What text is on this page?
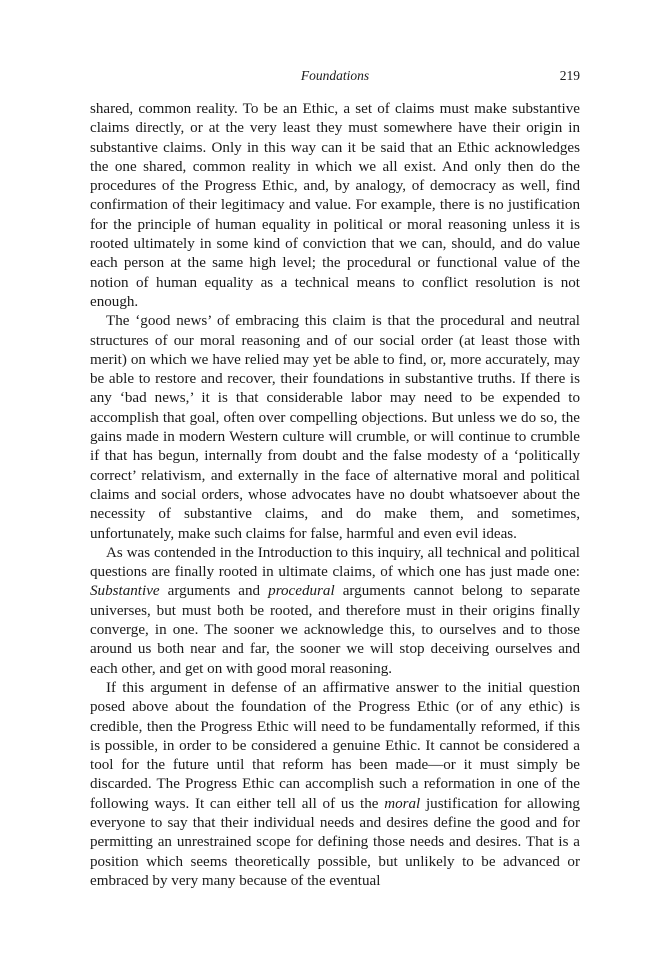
Foundations	219

shared, common reality. To be an Ethic, a set of claims must make substantive claims directly, or at the very least they must somewhere have their origin in substantive claims. Only in this way can it be said that an Ethic acknowledges the one shared, common reality in which we all exist. And only then do the procedures of the Progress Ethic, and, by analogy, of democracy as well, find confirmation of their legitimacy and value. For example, there is no justification for the principle of human equality in political or moral reasoning unless it is rooted ultimately in some kind of conviction that we can, should, and do value each person at the same high level; the procedural or functional value of the notion of human equality as a technical means to conflict resolution is not enough.

The ‘good news’ of embracing this claim is that the procedural and neutral structures of our moral reasoning and of our social order (at least those with merit) on which we have relied may yet be able to find, or, more accurately, may be able to restore and recover, their foundations in substantive truths. If there is any ‘bad news,’ it is that considerable labor may need to be expended to accomplish that goal, often over compelling objections. But unless we do so, the gains made in modern Western culture will crumble, or will continue to crumble if that has begun, internally from doubt and the false modesty of a ‘politically correct’ relativism, and externally in the face of alternative moral and political claims and social orders, whose advocates have no doubt whatsoever about the necessity of substantive claims, and do make them, and sometimes, unfortunately, make such claims for false, harmful and even evil ideas.

As was contended in the Introduction to this inquiry, all technical and political questions are finally rooted in ultimate claims, of which one has just made one: Substantive arguments and procedural arguments cannot belong to separate universes, but must both be rooted, and therefore must in their origins finally converge, in one. The sooner we acknowledge this, to ourselves and to those around us both near and far, the sooner we will stop deceiving ourselves and each other, and get on with good moral reasoning.

If this argument in defense of an affirmative answer to the initial question posed above about the foundation of the Progress Ethic (or of any ethic) is credible, then the Progress Ethic will need to be fundamentally reformed, if this is possible, in order to be considered a genuine Ethic. It cannot be considered a tool for the future until that reform has been made—or it must simply be discarded. The Progress Ethic can accomplish such a reformation in one of the following ways. It can either tell all of us the moral justification for allowing everyone to say that their individual needs and desires define the good and for permitting an unrestrained scope for defining those needs and desires. That is a position which seems theoretically possible, but unlikely to be advanced or embraced by very many because of the eventual
